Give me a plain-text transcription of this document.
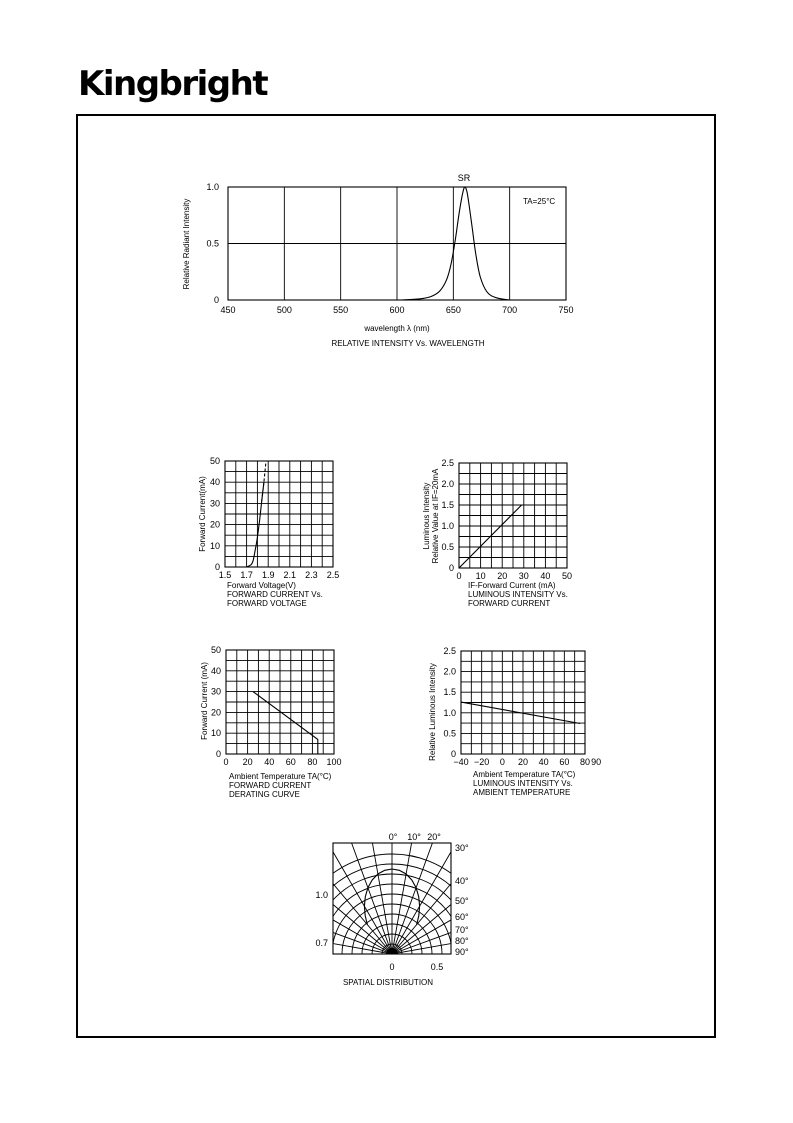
Kingbright
450	500	550	600	650	700	750
0
0.5
1.0
SR
TA=25°C
Relative Radiant Intensity
wavelength λ (nm)
RELATIVE INTENSITY Vs. WAVELENGTH
1.5 1.7 1.9 2.1 2.3 2.5
0
10
20
30
40
50
Forward Current(mA)
Forward Voltage(V)
FORWARD CURRENT Vs. FORWARD VOLTAGE
0 10 20 30 40 50
0
0.5
1.0
1.5
2.0
2.5
Luminous IntensityRelative Value at IF=20mA
IF-Forward Current (mA)
LUMINOUS INTENSITY Vs. FORWARD CURRENT
0 20 40 60 80 100
0
10
20
30
40
50
Forward Current (mA)
Ambient Temperature TA(°C)
FORWARD CURRENT DERATING CURVE
−40 −20 0 20 40 60 80 90
0
0.5
1.0
1.5
2.0
2.5
Relative Luminous Intensity
Ambient Temperature TA(°C)
LUMINOUS INTENSITY Vs. AMBIENT TEMPERATURE
0° 10° 20°
30°
40°
50°
60°
70°
80°
90°
1.0
0.7
0	0.5
SPATIAL DISTRIBUTION
